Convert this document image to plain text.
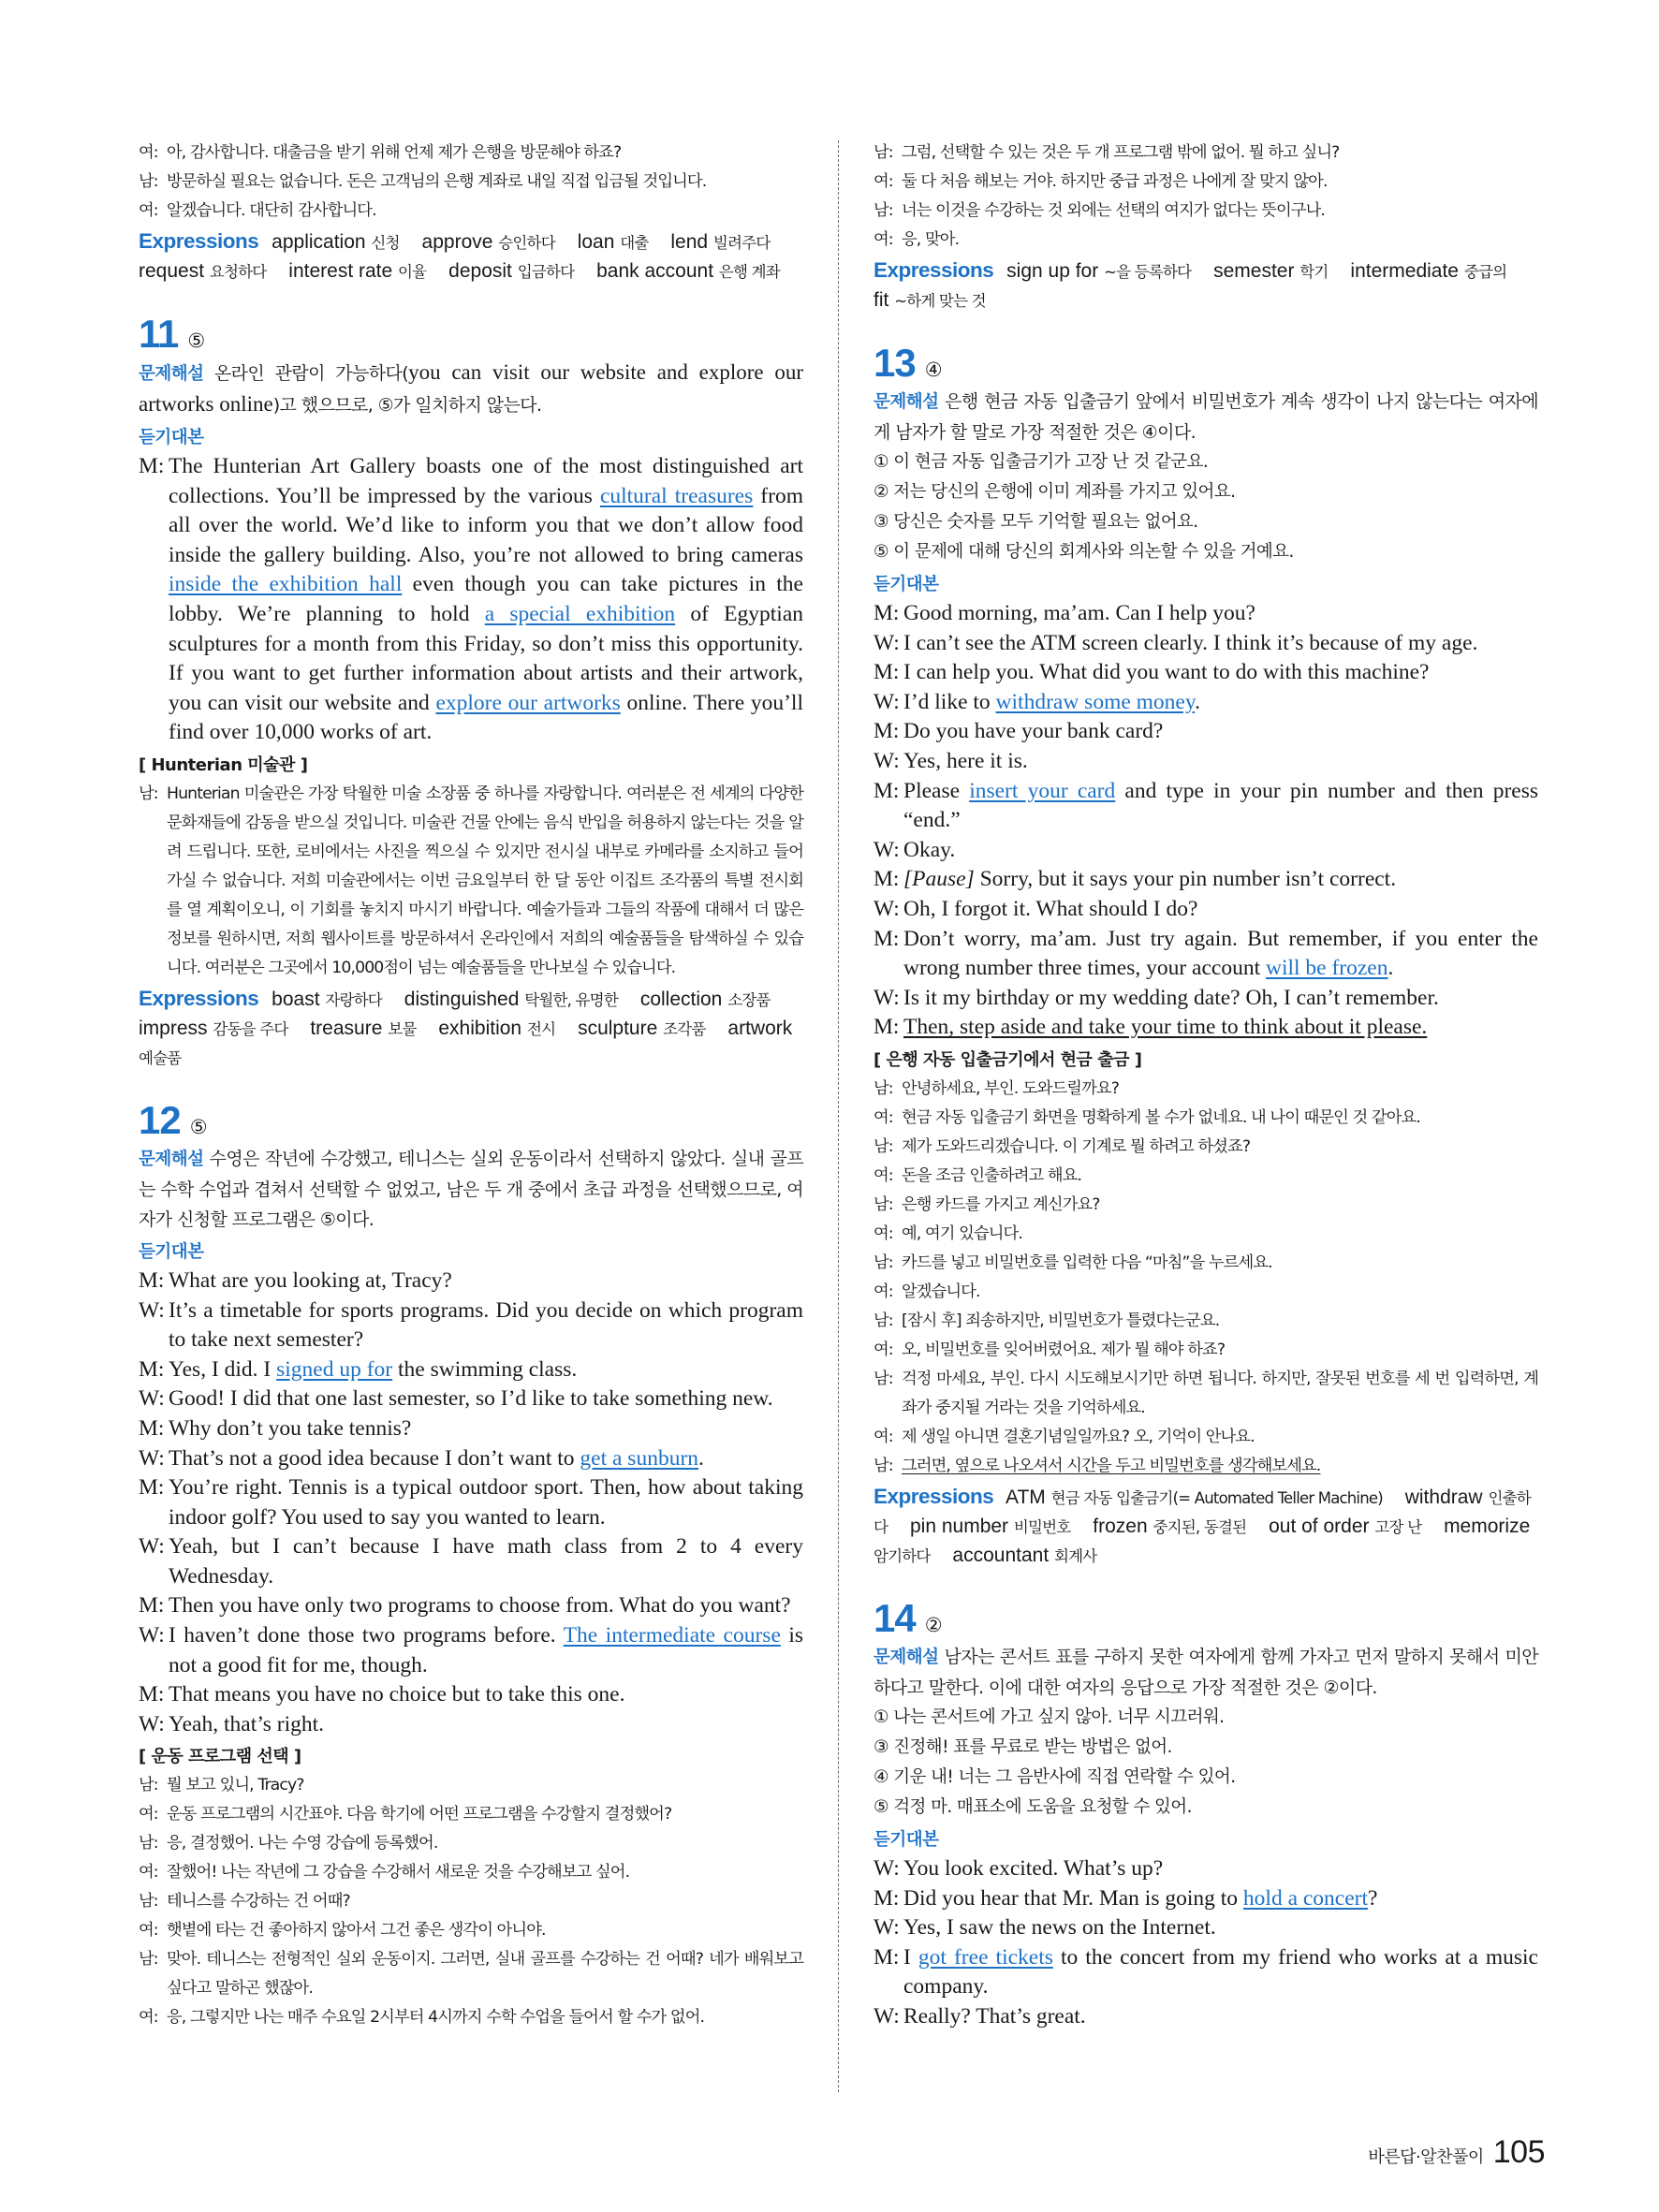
여: 아, 감사합니다. 대출금을 받기 위해 언제 제가 은행을 방문해야 하죠?
남: 방문하실 필요는 없습니다. 돈은 고객님의 은행 계좌로 내일 직접 입금될 것입니다.
여: 알겠습니다. 대단히 감사합니다.
Expressions application 신청 approve 승인하다 loan 대출 lend 빌려주다 request 요청하다 interest rate 이율 deposit 입금하다 bank account 은행 계좌
11 ⑤
문제해설 온라인 관람이 가능하다(you can visit our website and explore our artworks online)고 했으므로, ⑤가 일치하지 않는다.
듣기대본
M: The Hunterian Art Gallery boasts one of the most distinguished art collections. You’ll be impressed by the various cultural treasures from all over the world. We’d like to inform you that we don’t allow food inside the gallery building. Also, you’re not allowed to bring cameras inside the exhibition hall even though you can take pictures in the lobby. We’re planning to hold a special exhibition of Egyptian sculptures for a month from this Friday, so don’t miss this opportunity. If you want to get further information about artists and their artwork, you can visit our website and explore our artworks online. There you’ll find over 10,000 works of art.
[ Hunterian 미술관 ]
남: Hunterian 미술관은 가장 탁월한 미술 소장품 중 하나를 자랑합니다. 여러분은 전 세계의 다양한 문화재들에 감동을 받으실 것입니다. 미술관 건물 안에는 음식 반입을 허용하지 않는다는 것을 알려 드립니다. 또한, 로비에서는 사진을 찍으실 수 있지만 전시실 내부로 카메라를 소지하고 들어가실 수 없습니다. 저희 미술관에서는 이번 금요일부터 한 달 동안 이집트 조각품의 특별 전시회를 열 계획이오니, 이 기회를 놓치지 마시기 바랍니다. 예술가들과 그들의 작품에 대해서 더 많은 정보를 원하시면, 저희 웹사이트를 방문하셔서 온라인에서 저희의 예술품들을 탐색하실 수 있습니다. 여러분은 그곳에서 10,000점이 넘는 예술품들을 만나보실 수 있습니다.
Expressions boast 자랑하다 distinguished 탁월한, 유명한 collection 소장품 impress 감동을 주다 treasure 보물 exhibition 전시 sculpture 조각품 artwork 예술품
12 ⑤
문제해설 수영은 작년에 수강했고, 테니스는 실외 운동이라서 선택하지 않았다. 실내 골프는 수학 수업과 겹쳐서 선택할 수 없었고, 남은 두 개 중에서 초급 과정을 선택했으므로, 여자가 신청할 프로그램은 ⑤이다.
듣기대본
M: What are you looking at, Tracy?
W: It’s a timetable for sports programs. Did you decide on which program to take next semester?
M: Yes, I did. I signed up for the swimming class.
W: Good! I did that one last semester, so I’d like to take something new.
M: Why don’t you take tennis?
W: That’s not a good idea because I don’t want to get a sunburn.
M: You’re right. Tennis is a typical outdoor sport. Then, how about taking indoor golf? You used to say you wanted to learn.
W: Yeah, but I can’t because I have math class from 2 to 4 every Wednesday.
M: Then you have only two programs to choose from. What do you want?
W: I haven’t done those two programs before. The intermediate course is not a good fit for me, though.
M: That means you have no choice but to take this one.
W: Yeah, that’s right.
[ 운동 프로그램 선택 ]
남: 뭘 보고 있니, Tracy?
여: 운동 프로그램의 시간표야. 다음 학기에 어떤 프로그램을 수강할지 결정했어?
남: 응, 결정했어. 나는 수영 강습에 등록했어.
여: 잘했어! 나는 작년에 그 강습을 수강해서 새로운 것을 수강해보고 싶어.
남: 테니스를 수강하는 건 어때?
여: 햇볕에 타는 건 좋아하지 않아서 그건 좋은 생각이 아니야.
남: 맞아. 테니스는 전형적인 실외 운동이지. 그러면, 실내 골프를 수강하는 건 어때? 네가 배워보고 싶다고 말하곤 했잖아.
여: 응, 그렇지만 나는 매주 수요일 2시부터 4시까지 수학 수업을 들어서 할 수가 없어.
남: 그럼, 선택할 수 있는 것은 두 개 프로그램 밖에 없어. 뭘 하고 싶니?
여: 둘 다 처음 해보는 거야. 하지만 중급 과정은 나에게 잘 맞지 않아.
남: 너는 이것을 수강하는 것 외에는 선택의 여지가 없다는 뜻이구나.
여: 응, 맞아.
Expressions sign up for ~을 등록하다 semester 학기 intermediate 중급의 fit ~하게 맞는 것
13 ④
문제해설 은행 현금 자동 입출금기 앞에서 비밀번호가 계속 생각이 나지 않는다는 여자에게 남자가 할 말로 가장 적절한 것은 ④이다.
① 이 현금 자동 입출금기가 고장 난 것 같군요.
② 저는 당신의 은행에 이미 계좌를 가지고 있어요.
③ 당신은 숫자를 모두 기억할 필요는 없어요.
⑤ 이 문제에 대해 당신의 회계사와 의논할 수 있을 거예요.
듣기대본
M: Good morning, ma’am. Can I help you?
W: I can’t see the ATM screen clearly. I think it’s because of my age.
M: I can help you. What did you want to do with this machine?
W: I’d like to withdraw some money.
M: Do you have your bank card?
W: Yes, here it is.
M: Please insert your card and type in your pin number and then press “end.”
W: Okay.
M: [Pause] Sorry, but it says your pin number isn’t correct.
W: Oh, I forgot it. What should I do?
M: Don’t worry, ma’am. Just try again. But remember, if you enter the wrong number three times, your account will be frozen.
W: Is it my birthday or my wedding date? Oh, I can’t remember.
M: Then, step aside and take your time to think about it please.
[ 은행 자동 입출금기에서 현금 출금 ]
남: 안녕하세요, 부인. 도와드릴까요?
여: 현금 자동 입출금기 화면을 명확하게 볼 수가 없네요. 내 나이 때문인 것 같아요.
남: 제가 도와드리겠습니다. 이 기계로 뭘 하려고 하셨죠?
여: 돈을 조금 인출하려고 해요.
남: 은행 카드를 가지고 계신가요?
여: 예, 여기 있습니다.
남: 카드를 넣고 비밀번호를 입력한 다음 “마침”을 누르세요.
여: 알겠습니다.
남: [잠시 후] 죄송하지만, 비밀번호가 틀렸다는군요.
여: 오, 비밀번호를 잊어버렸어요. 제가 뭘 해야 하죠?
남: 걱정 마세요, 부인. 다시 시도해보시기만 하면 됩니다. 하지만, 잘못된 번호를 세 번 입력하면, 계좌가 중지될 거라는 것을 기억하세요.
여: 제 생일 아니면 결혼기념일일까요? 오, 기억이 안나요.
남: 그러면, 옆으로 나오셔서 시간을 두고 비밀번호를 생각해보세요.
Expressions ATM 현금 자동 입출금기(= Automated Teller Machine) withdraw 인출하다 pin number 비밀번호 frozen 중지된, 동결된 out of order 고장 난 memorize 암기하다 accountant 회계사
14 ②
문제해설 남자는 콘서트 표를 구하지 못한 여자에게 함께 가자고 먼저 말하지 못해서 미안하다고 말한다. 이에 대한 여자의 응답으로 가장 적절한 것은 ②이다.
① 나는 콘서트에 가고 싶지 않아. 너무 시끄러워.
③ 진정해! 표를 무료로 받는 방법은 없어.
④ 기운 내! 너는 그 음반사에 직접 연락할 수 있어.
⑤ 걱정 마. 매표소에 도움을 요청할 수 있어.
듣기대본
W: You look excited. What’s up?
M: Did you hear that Mr. Man is going to hold a concert?
W: Yes, I saw the news on the Internet.
M: I got free tickets to the concert from my friend who works at a music company.
W: Really? That’s great.
바른답·알찬풀이 105
